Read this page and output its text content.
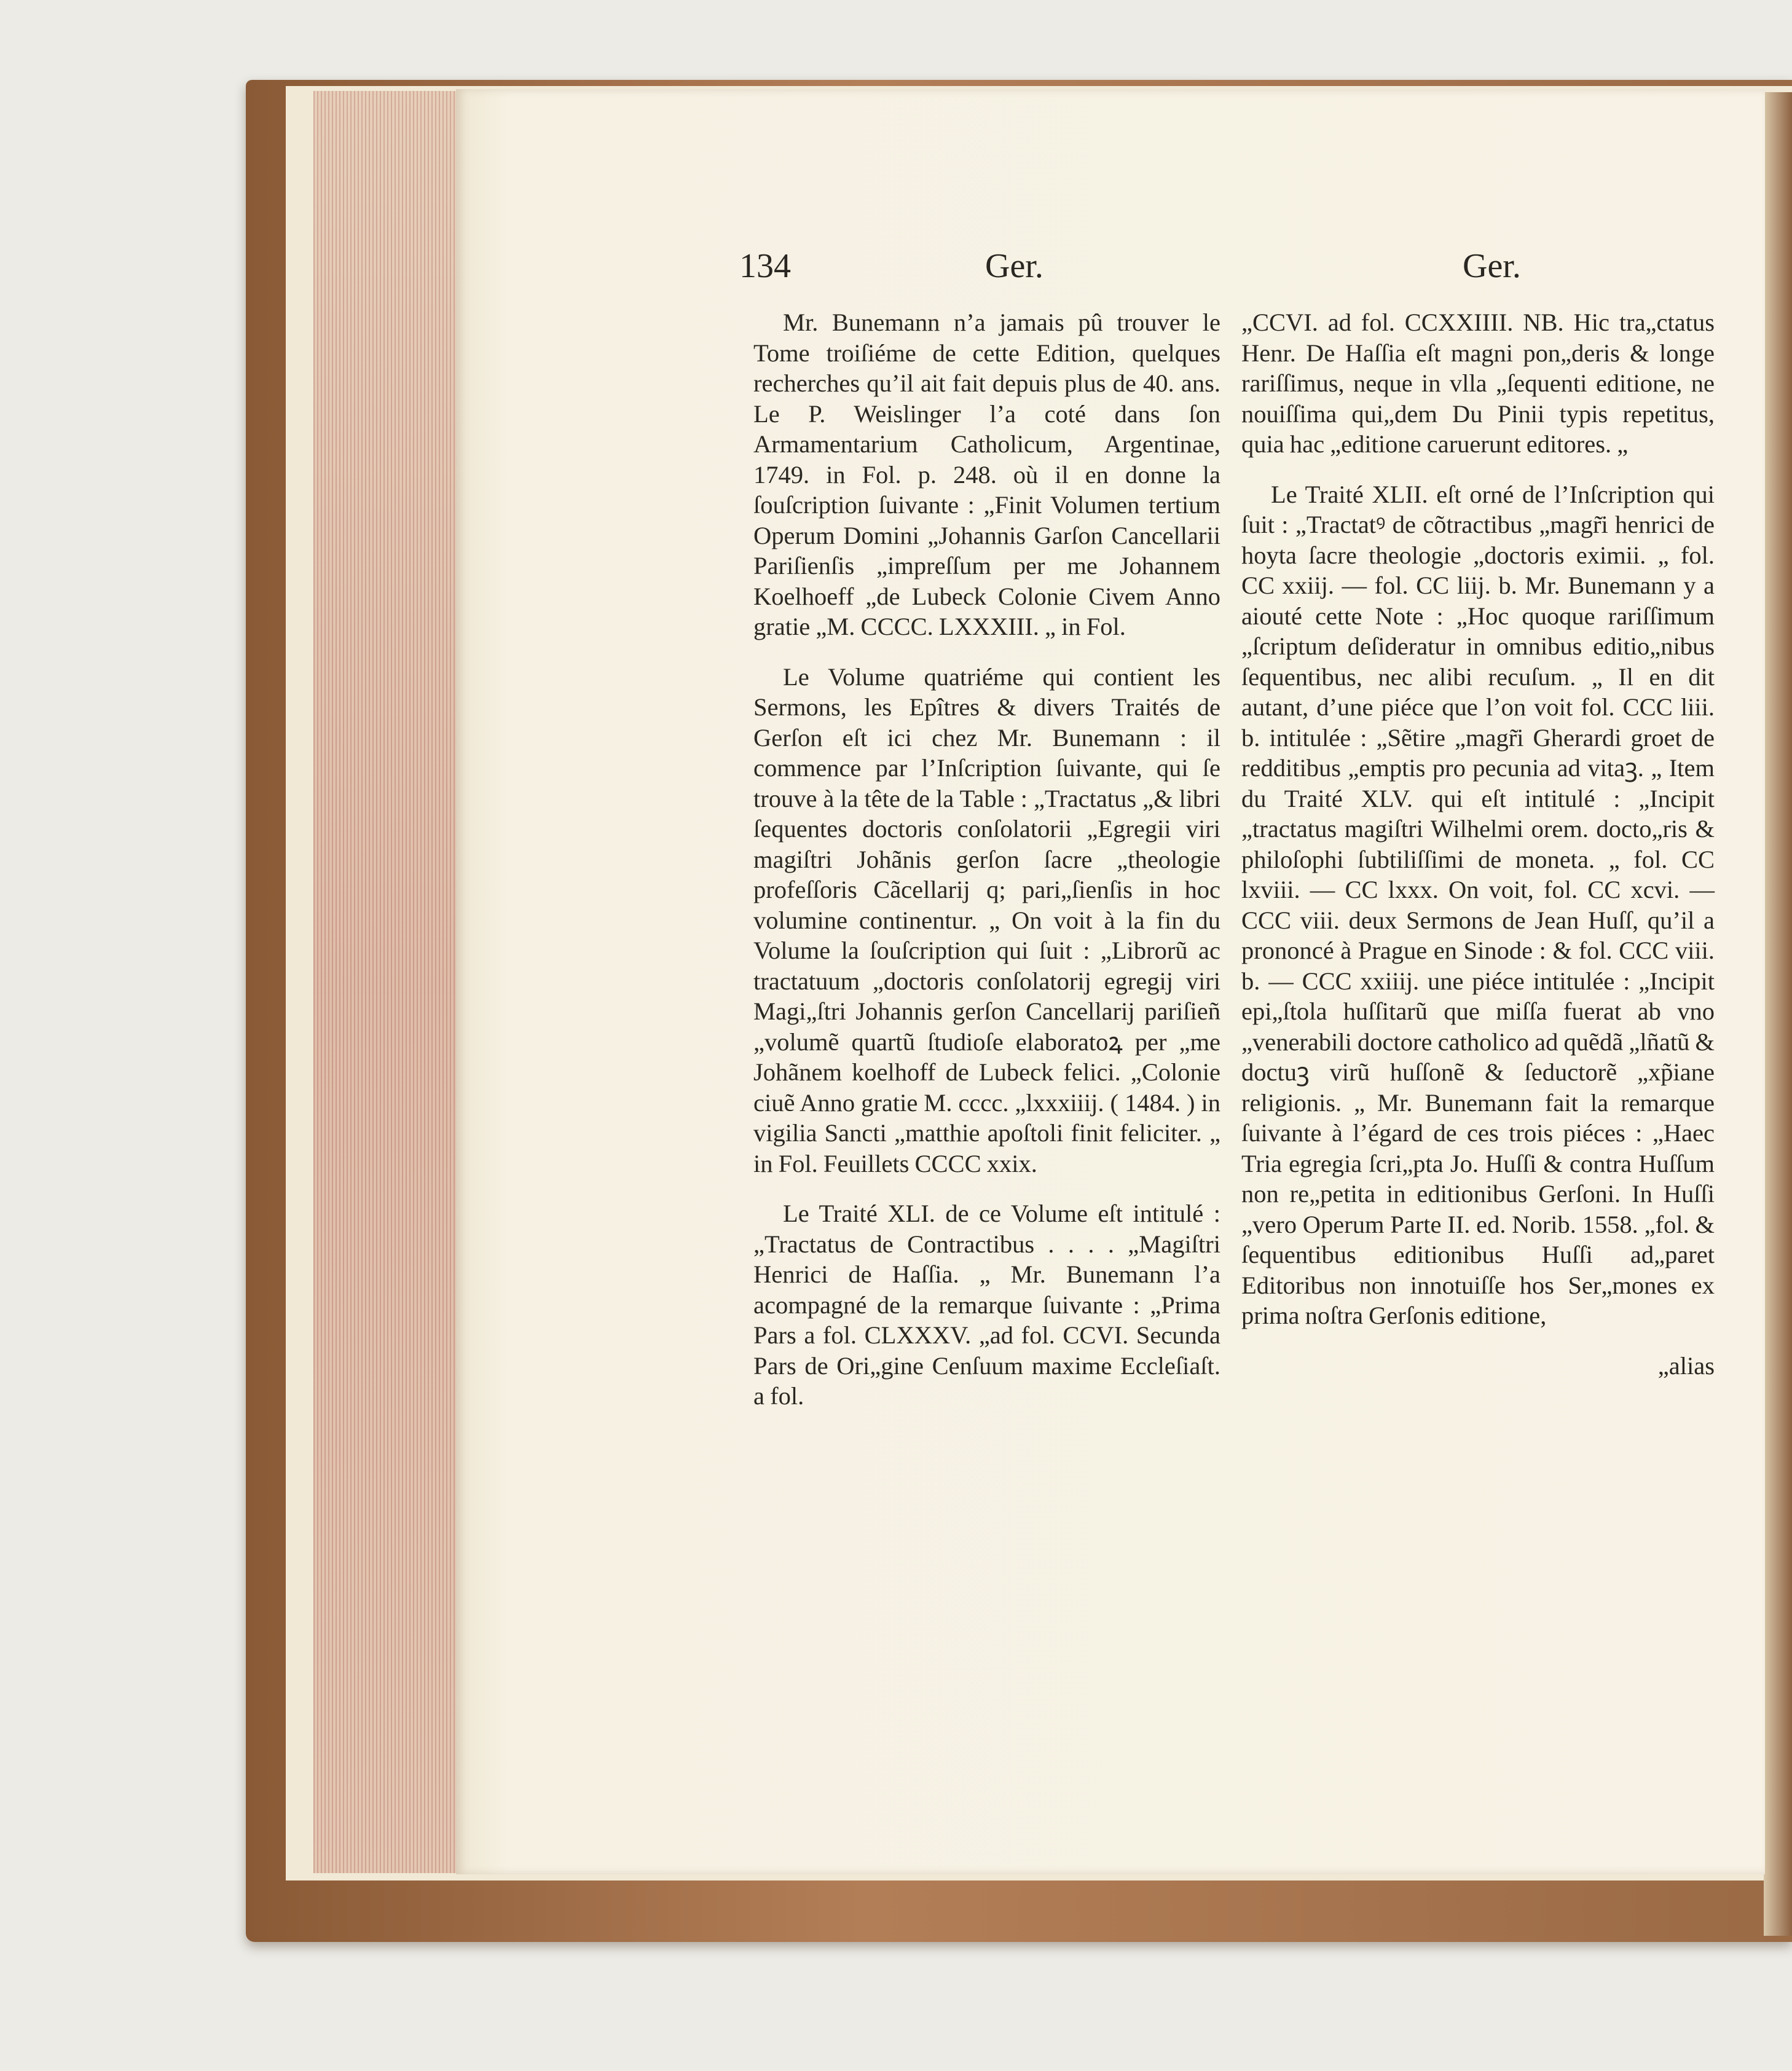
134	Ger.	Ger.

Mr. Bunemann n’a jamais pû trouver le Tome troiſiéme de cette Edition, quelques recherches qu’il ait fait depuis plus de 40. ans. Le P. Weislinger l’a coté dans ſon Armamentarium Catholicum, Argentinae, 1749. in Fol. p. 248. où il en donne la ſouſcription ſuivante : „Finit Volumen tertium Operum Domini „Johannis Garſon Cancellarii Pariſienſis „impreſſum per me Johannem Koelhoeff „de Lubeck Colonie Civem Anno gratie „M. CCCC. LXXXIII. „ in Fol.

Le Volume quatriéme qui contient les Sermons, les Epîtres & divers Traités de Gerſon eſt ici chez Mr. Bunemann : il commence par l’Inſcription ſuivante, qui ſe trouve à la tête de la Table : „Tractatus „& libri ſequentes doctoris conſolatorii „Egregii viri magiſtri Johãnis gerſon ſacre „theologie profeſſoris Cãcellarij q; pari„ſienſis in hoc volumine continentur. „ On voit à la fin du Volume la ſouſcription qui ſuit : „Librorũ ac tractatuum „doctoris conſolatorij egregij viri Magi„ſtri Johannis gerſon Cancellarij pariſieñ „volumẽ quartũ ſtudioſe elaboratoꝝ per „me Johãnem koelhoff de Lubeck felici. „Colonie ciuẽ Anno gratie M. cccc. „lxxxiiij. ( 1484. ) in vigilia Sancti „matthie apoſtoli finit feliciter. „ in Fol. Feuillets CCCC xxix.

Le Traité XLI. de ce Volume eſt intitulé : „Tractatus de Contractibus . . . . „Magiſtri Henrici de Haſſia. „ Mr. Bunemann l’a acompagné de la remarque ſuivante : „Prima Pars a fol. CLXXXV. „ad fol. CCVI. Secunda Pars de Ori„gine Cenſuum maxime Eccleſiaſt. a fol.

„CCVI. ad fol. CCXXIIII. NB. Hic tra„ctatus Henr. De Haſſia eſt magni pon„deris & longe rariſſimus, neque in vlla „ſequenti editione, ne nouiſſima qui„dem Du Pinii typis repetitus, quia hac „editione caruerunt editores. „

Le Traité XLII. eſt orné de l’Inſcription qui ſuit : „Tractatꝰ de cõtractibus „magr̃i henrici de hoyta ſacre theologie „doctoris eximii. „ fol. CC xxiij. — fol. CC liij. b. Mr. Bunemann y a aiouté cette Note : „Hoc quoque rariſſimum „ſcriptum deſideratur in omnibus editio„nibus ſequentibus, nec alibi recuſum. „ Il en dit autant, d’une piéce que l’on voit fol. CCC liii. b. intitulée : „Sẽtire „magr̃i Gherardi groet de redditibus „emptis pro pecunia ad vitaꝫ. „ Item du Traité XLV. qui eſt intitulé : „Incipit „tractatus magiſtri Wilhelmi orem. docto„ris & philoſophi ſubtiliſſimi de moneta. „ fol. CC lxviii. — CC lxxx. On voit, fol. CC xcvi. — CCC viii. deux Sermons de Jean Huſſ, qu’il a prononcé à Prague en Sinode : & fol. CCC viii. b. — CCC xxiiij. une piéce intitulée : „Incipit epi„ſtola huſſitarũ que miſſa fuerat ab vno „venerabili doctore catholico ad quẽdã „lñatũ & doctuꝫ virũ huſſonẽ & ſeductorẽ „xp̃iane religionis. „ Mr. Bunemann fait la remarque ſuivante à l’égard de ces trois piéces : „Haec Tria egregia ſcri„pta Jo. Huſſi & contra Huſſum non re„petita in editionibus Gerſoni. In Huſſi „vero Operum Parte II. ed. Norib. 1558. „fol. & ſequentibus editionibus Huſſi ad„paret Editoribus non innotuiſſe hos Ser„mones ex prima noſtra Gerſonis editione,

„alias
